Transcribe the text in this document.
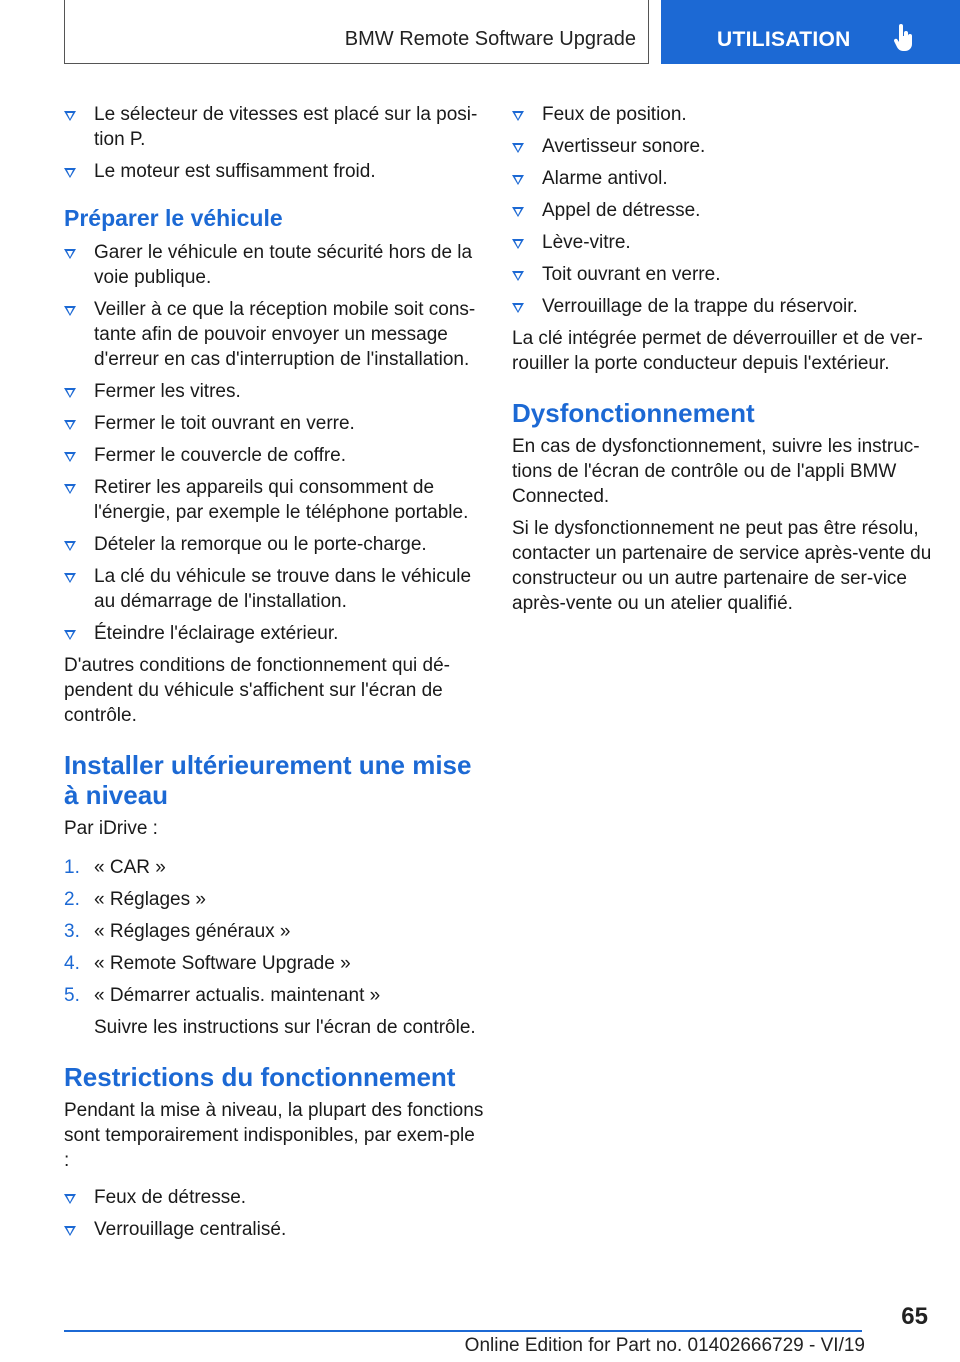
BMW Remote Software Upgrade	UTILISATION
Le sélecteur de vitesses est placé sur la posi-tion P.
Le moteur est suffisamment froid.
Préparer le véhicule
Garer le véhicule en toute sécurité hors de la voie publique.
Veiller à ce que la réception mobile soit cons-tante afin de pouvoir envoyer un message d'erreur en cas d'interruption de l'installation.
Fermer les vitres.
Fermer le toit ouvrant en verre.
Fermer le couvercle de coffre.
Retirer les appareils qui consomment de l'énergie, par exemple le téléphone portable.
Dételer la remorque ou le porte-charge.
La clé du véhicule se trouve dans le véhicule au démarrage de l'installation.
Éteindre l'éclairage extérieur.
D'autres conditions de fonctionnement qui dé-pendent du véhicule s'affichent sur l'écran de contrôle.
Installer ultérieurement une mise à niveau
Par iDrive :
1. « CAR »
2. « Réglages »
3. « Réglages généraux »
4. « Remote Software Upgrade »
5. « Démarrer actualis. maintenant »
Suivre les instructions sur l'écran de contrôle.
Restrictions du fonctionnement
Pendant la mise à niveau, la plupart des fonctions sont temporairement indisponibles, par exem-ple :
Feux de détresse.
Verrouillage centralisé.
Feux de position.
Avertisseur sonore.
Alarme antivol.
Appel de détresse.
Lève-vitre.
Toit ouvrant en verre.
Verrouillage de la trappe du réservoir.
La clé intégrée permet de déverrouiller et de ver-rouiller la porte conducteur depuis l'extérieur.
Dysfonctionnement
En cas de dysfonctionnement, suivre les instruc-tions de l'écran de contrôle ou de l'appli BMW Connected.
Si le dysfonctionnement ne peut pas être résolu, contacter un partenaire de service après-vente du constructeur ou un autre partenaire de ser-vice après-vente ou un atelier qualifié.
65
Online Edition for Part no. 01402666729 - VI/19
